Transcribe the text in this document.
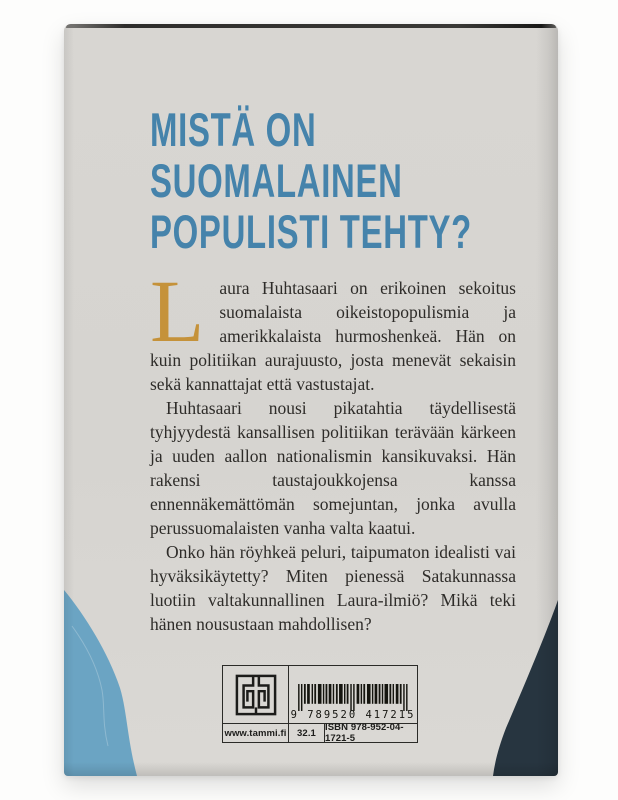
MISTÄ ON
SUOMALAINEN
POPULISTI TEHTY?

Laura Huhtasaari on erikoinen sekoitus suomalaista oikeistopopulismia ja amerikkalaista hurmoshenkeä. Hän on kuin politiikan aurajuusto, josta menevät sekaisin sekä kannattajat että vastustajat.

Huhtasaari nousi pikatahtia täydellisestä tyhjyydestä kansallisen politiikan terävään kärkeen ja uuden aallon nationalismin kansikuvaksi. Hän rakensi taustajoukkojensa kanssa ennennäkemättömän somejuntan, jonka avulla perussuomalaisten vanha valta kaatui.

Onko hän röyhkeä peluri, taipumaton idealisti vai hyväksikäytetty? Miten pienessä Satakunnassa luotiin valtakunnallinen Laura-ilmiö? Mikä teki hänen nousustaan mahdollisen?

9 789520 417215
www.tammi.fi	32.1 ISBN 978-952-04-1721-5
